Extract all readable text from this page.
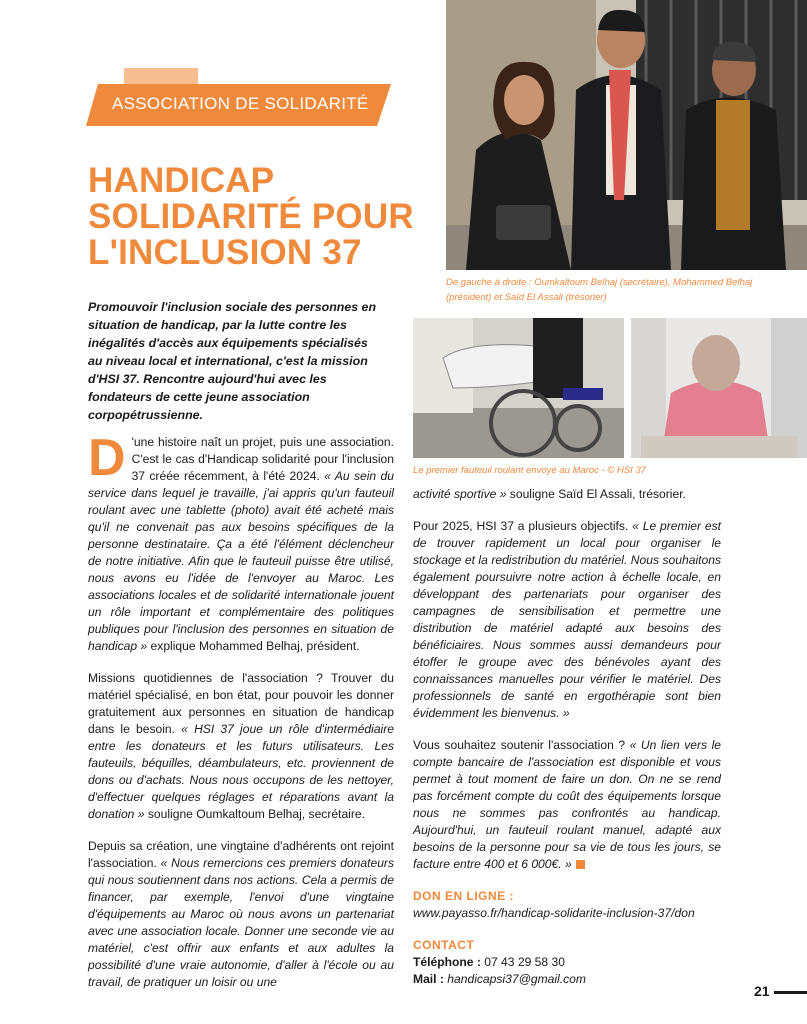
ASSOCIATION DE SOLIDARITÉ
HANDICAP
SOLIDARITÉ POUR
L'INCLUSION 37
Promouvoir l'inclusion sociale des personnes en situation de handicap, par la lutte contre les inégalités d'accès aux équipements spécialisés au niveau local et international, c'est la mission d'HSI 37. Rencontre aujourd'hui avec les fondateurs de cette jeune association corpopétrussienne.
De gauche à droite : Oumkaltoum Belhaj (secrétaire), Mohammed Belhaj (président) et Saïd El Assali (trésorier)
Le premier fauteuil roulant envoyé au Maroc - © HSI 37

D 'une histoire naît un projet, puis une association. C'est le cas d'Handicap solidarité pour l'inclusion 37 créée récemment, à l'été 2024. « Au sein du service dans lequel je travaille, j'ai appris qu'un fauteuil roulant avec une tablette (photo) avait été acheté mais qu'il ne convenait pas aux besoins spécifiques de la personne destinataire. Ça a été l'élément déclencheur de notre initiative. Afin que le fauteuil puisse être utilisé, nous avons eu l'idée de l'envoyer au Maroc. Les associations locales et de solidarité internationale jouent un rôle important et complémentaire des politiques publiques pour l'inclusion des personnes en situation de handicap » explique Mohammed Belhaj, président.

Missions quotidiennes de l'association ? Trouver du matériel spécialisé, en bon état, pour pouvoir les donner gratuitement aux personnes en situation de handicap dans le besoin. « HSI 37 joue un rôle d'intermédiaire entre les donateurs et les futurs utilisateurs. Les fauteuils, béquilles, déambulateurs, etc. proviennent de dons ou d'achats. Nous nous occupons de les nettoyer, d'effectuer quelques réglages et réparations avant la donation » souligne Oumkaltoum Belhaj, secrétaire.

Depuis sa création, une vingtaine d'adhérents ont rejoint l'association. « Nous remercions ces premiers donateurs qui nous soutiennent dans nos actions. Cela a permis de financer, par exemple, l'envoi d'une vingtaine d'équipements au Maroc où nous avons un partenariat avec une association locale. Donner une seconde vie au matériel, c'est offrir aux enfants et aux adultes la possibilité d'une vraie autonomie, d'aller à l'école ou au travail, de pratiquer un loisir ou une

activité sportive » souligne Saïd El Assali, trésorier.

Pour 2025, HSI 37 a plusieurs objectifs. « Le premier est de trouver rapidement un local pour organiser le stockage et la redistribution du matériel. Nous souhaitons également poursuivre notre action à échelle locale, en développant des partenariats pour organiser des campagnes de sensibilisation et permettre une distribution de matériel adapté aux besoins des bénéficiaires. Nous sommes aussi demandeurs pour étoffer le groupe avec des bénévoles ayant des connaissances manuelles pour vérifier le matériel. Des professionnels de santé en ergothérapie sont bien évidemment les bienvenus. »

Vous souhaitez soutenir l'association ? « Un lien vers le compte bancaire de l'association est disponible et vous permet à tout moment de faire un don. On ne se rend pas forcément compte du coût des équipements lorsque nous ne sommes pas confrontés au handicap. Aujourd'hui, un fauteuil roulant manuel, adapté aux besoins de la personne pour sa vie de tous les jours, se facture entre 400 et 6 000€. »

DON EN LIGNE :

www.payasso.fr/handicap-solidarite-inclusion-37/don

CONTACT

Téléphone : 07 43 29 58 30

Mail : handicapsi37@gmail.com

21
